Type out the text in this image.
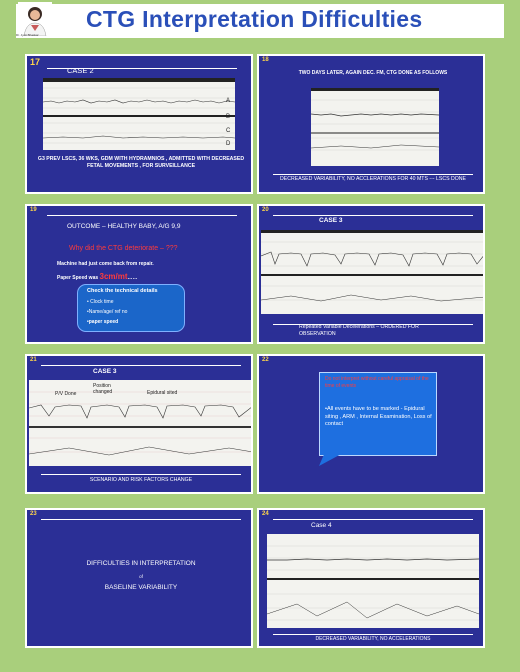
Dr. Jyoti Bhaskar
CTG Interpretation Difficulties
17
CASE 2
A
B
C
D
G3 PREV LSCS, 36 WKS, GDM WITH HYDRAMNIOS , ADMITTED WITH DECREASED FETAL MOVEMENTS , FOR SURVEILLANCE
18
TWO DAYS LATER, AGAIN DEC. FM, CTG DONE AS FOLLOWS
DECREASED VARIABILITY, NO ACCLERATIONS FOR 40 MTS --- LSCS DONE
19
OUTCOME – HEALTHY BABY, A/G 9,9
Why did the CTG deteriorate – ???
Machine had just come back from repair.
Paper Speed was 3cm/mt……
Check the technical details
• Clock time
•Name/age/ ref no
•paper speed
20
CASE 3
Repeated Variable Decelerations – ORDERED FOR OBSERVATION
21
CASE 3
P/V Done
Position changed	Epidural sited
SCENARIO AND RISK FACTORS CHANGE
22
Do not interpret without careful appraisal of the time of events
•All events have to be marked - Epidural siting , ARM , Internal Examination, Loss of contact
23
DIFFICULTIES IN INTERPRETATION
of
BASELINE VARIABILITY
24
Case 4
DECREASED VARIABILITY, NO ACCELERATIONS
